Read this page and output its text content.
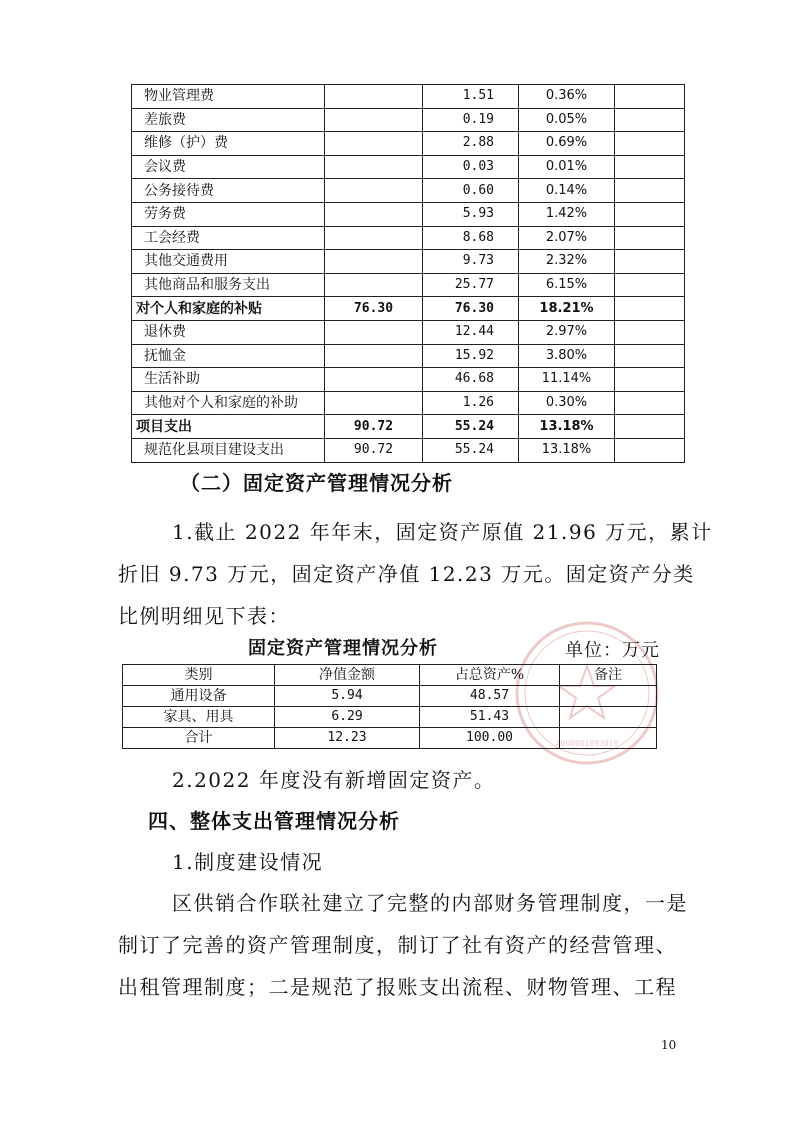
物业管理费		1.51	0.36%	
差旅费		0.19	0.05%	
维修（护）费		2.88	0.69%	
会议费		0.03	0.01%	
公务接待费		0.60	0.14%	
劳务费		5.93	1.42%	
工会经费		8.68	2.07%	
其他交通费用		9.73	2.32%	
其他商品和服务支出		25.77	6.15%	
对个人和家庭的补贴	76.30	76.30	18.21%	
退休费		12.44	2.97%	
抚恤金		15.92	3.80%	
生活补助		46.68	11.14%	
其他对个人和家庭的补助		1.26	0.30%	
项目支出	90.72	55.24	13.18%	
规范化县项目建设支出	90.72	55.24	13.18%	
（二）固定资产管理情况分析
1.截止 2022 年年末，固定资产原值 21.96 万元，累计
折旧 9.73 万元，固定资产净值 12.23 万元。固定资产分类
比例明细见下表：
4000001093010
固定资产管理情况分析	单位：万元
类别	净值金额	占总资产%	备注
通用设备	5.94	48.57	
家具、用具	6.29	51.43	
合计	12.23	100.00	
2.2022 年度没有新增固定资产。
四、整体支出管理情况分析
1.制度建设情况
区供销合作联社建立了完整的内部财务管理制度，一是
制订了完善的资产管理制度，制订了社有资产的经营管理、
出租管理制度；二是规范了报账支出流程、财物管理、工程
10
